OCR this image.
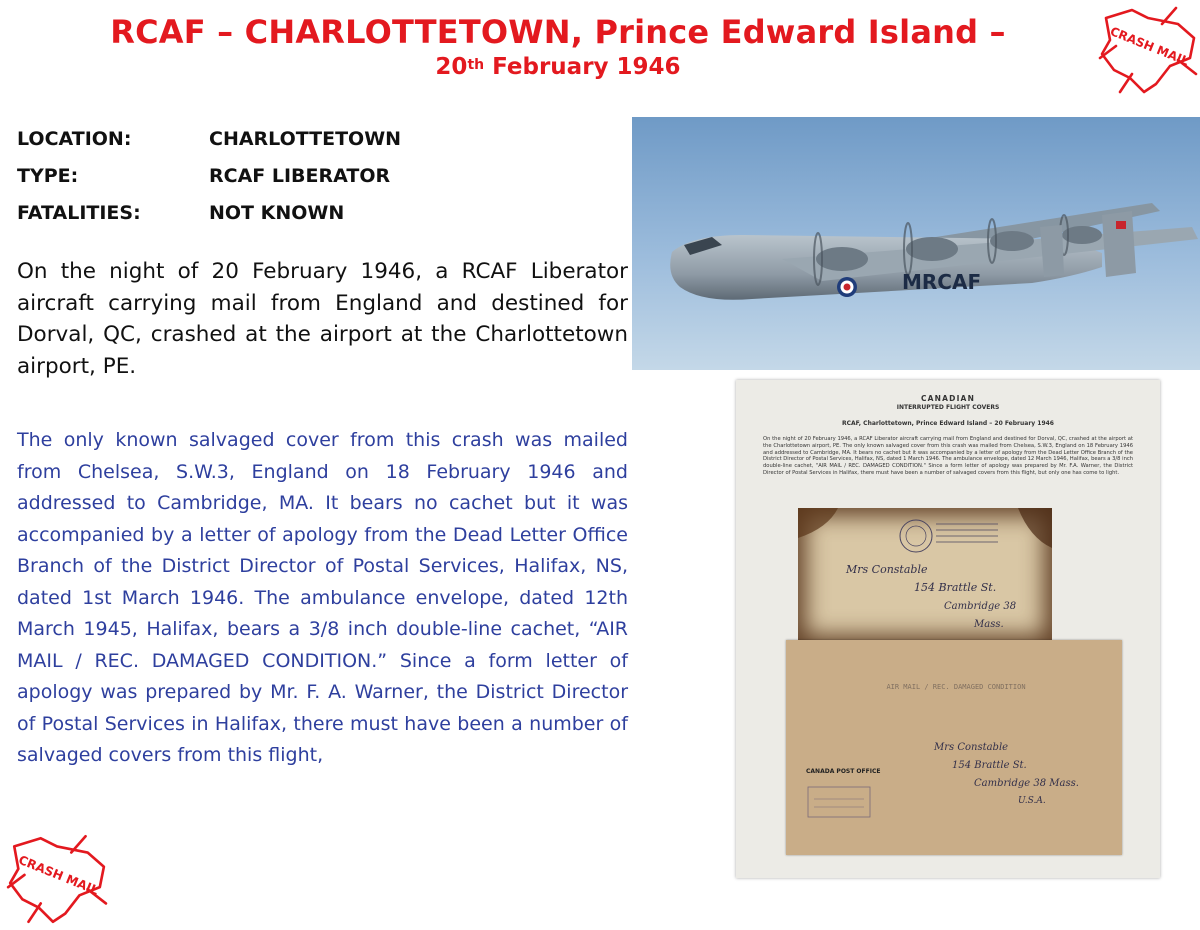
RCAF – CHARLOTTETOWN, Prince Edward Island –
20th February 1946	CRASH MAIL
CRASH MAIL
LOCATION:	CHARLOTTETOWN
TYPE:	RCAF LIBERATOR
FATALITIES:	NOT KNOWN
On the night of 20 February 1946, a RCAF Liberator aircraft carrying mail from England and destined for Dorval, QC, crashed at the airport at the Charlottetown airport, PE.
The only known salvaged cover from this crash was mailed from Chelsea, S.W.3, England on 18 February 1946 and addressed to Cambridge, MA. It bears no cachet but it was accompanied by a letter of apology from the Dead Letter Office Branch of the District Director of Postal Services, Halifax, NS, dated 1st March 1946. The ambulance envelope, dated 12th March 1945, Halifax, bears a 3/8 inch double-line cachet, “AIR MAIL / REC. DAMAGED CONDITION.” Since a form letter of apology was prepared by Mr. F. A. Warner, the District Director of Postal Services in Halifax, there must have been a number of salvaged covers from this flight,
MRCAF
CANADIAN
INTERRUPTED FLIGHT COVERS
RCAF, Charlottetown, Prince Edward Island – 20 February 1946
On the night of 20 February 1946, a RCAF Liberator aircraft carrying mail from England and destined for Dorval, QC, crashed at the airport at the Charlottetown airport, PE. The only known salvaged cover from this crash was mailed from Chelsea, S.W.3, England on 18 February 1946 and addressed to Cambridge, MA. It bears no cachet but it was accompanied by a letter of apology from the Dead Letter Office Branch of the District Director of Postal Services, Halifax, NS, dated 1 March 1946. The ambulance envelope, dated 12 March 1946, Halifax, bears a 3/8 inch double-line cachet, "AIR MAIL / REC. DAMAGED CONDITION." Since a form letter of apology was prepared by Mr. F.A. Warner, the District Director of Postal Services in Halifax, there must have been a number of salvaged covers from this flight, but only one has come to light.
Mrs Constable
154 Brattle St.
Cambridge 38
Mass.
AIR MAIL / REC. DAMAGED CONDITION
Mrs Constable
154 Brattle St.
Cambridge 38 Mass.
U.S.A.
CANADA POST OFFICE
